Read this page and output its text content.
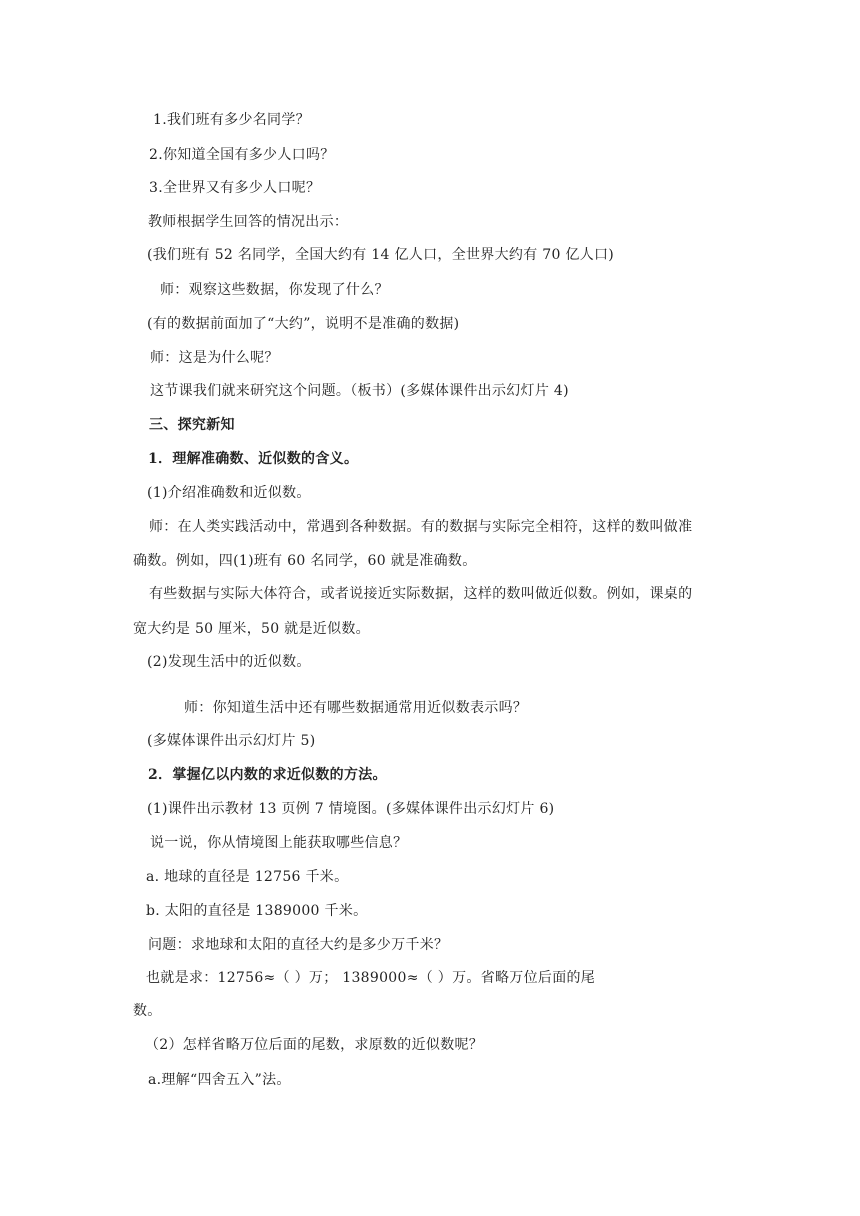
1.我们班有多少名同学？
2.你知道全国有多少人口吗？
3.全世界又有多少人口呢？
教师根据学生回答的情况出示：
(我们班有 52 名同学，全国大约有 14 亿人口，全世界大约有 70 亿人口)
师：观察这些数据，你发现了什么？
(有的数据前面加了“大约”，说明不是准确的数据)
师：这是为什么呢？
这节课我们就来研究这个问题。（板书）(多媒体课件出示幻灯片 4)
三、探究新知
1．理解准确数、近似数的含义。
(1)介绍准确数和近似数。
师：在人类实践活动中，常遇到各种数据。有的数据与实际完全相符，这样的数叫做准
确数。例如，四(1)班有 60 名同学，60 就是准确数。
有些数据与实际大体符合，或者说接近实际数据，这样的数叫做近似数。例如，课桌的
宽大约是 50 厘米，50 就是近似数。
(2)发现生活中的近似数。
师：你知道生活中还有哪些数据通常用近似数表示吗？
(多媒体课件出示幻灯片 5)
2．掌握亿以内数的求近似数的方法。
(1)课件出示教材 13 页例 7 情境图。(多媒体课件出示幻灯片 6)
说一说，你从情境图上能获取哪些信息？
a. 地球的直径是 12756 千米。
b. 太阳的直径是 1389000 千米。
问题：求地球和太阳的直径大约是多少万千米？
也就是求：12756≈（ ）万； 1389000≈（ ）万。省略万位后面的尾
数。
（2）怎样省略万位后面的尾数，求原数的近似数呢？
a.理解“四舍五入”法。
